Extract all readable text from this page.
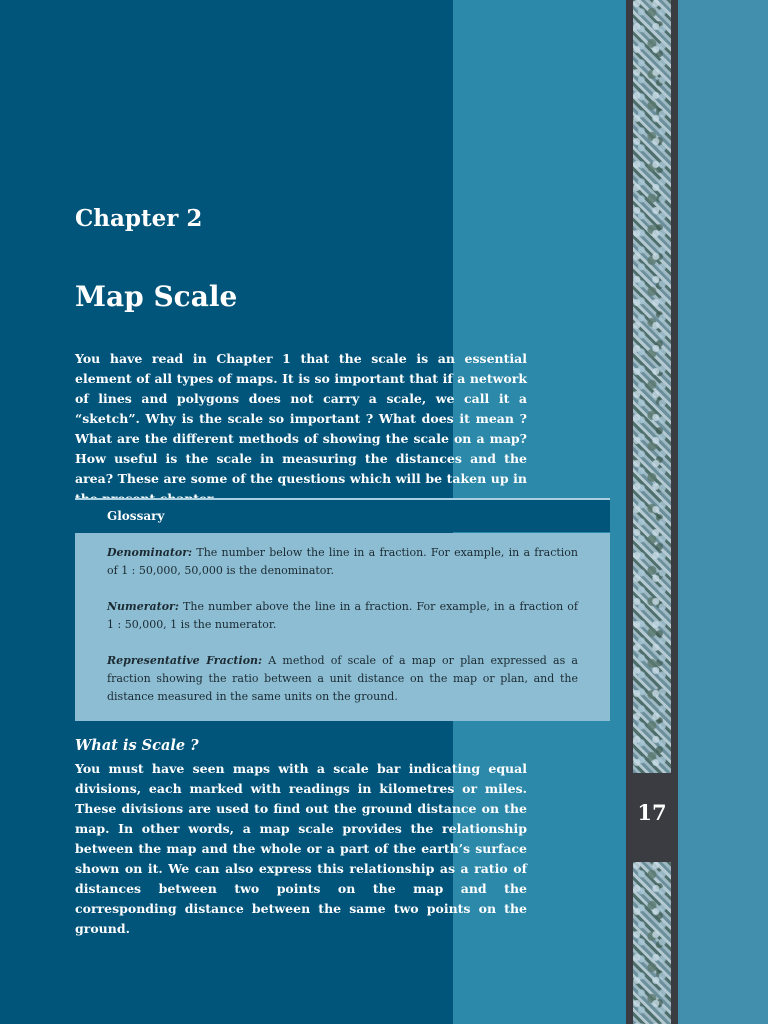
17
Chapter 2
Map Scale

You have read in Chapter 1 that the scale is an essential element of all types of maps. It is so important that if a network of lines and polygons does not carry a scale, we call it a “sketch”. Why is the scale so important ? What does it mean ? What are the different methods of showing the scale on a map? How useful is the scale in measuring the distances and the area? These are some of the questions which will be taken up in

Glossary

Denominator: The number below the line in a fraction. For example, in a fraction of 1 : 50,000, 50,000 is the denominator.

Numerator: The number above the line in a fraction. For example, in a fraction of 1 : 50,000, 1 is the numerator.

Representative Fraction: A method of scale of a map or plan expressed as a fraction showing the ratio between a unit distance on the map or plan, and the distance measured in the same units on the ground.

What is Scale ?

You must have seen maps with a scale bar indicating equal divisions, each marked with readings in kilometres or miles. These divisions are used to find out the ground distance on the map. In other words, a map scale provides the relationship between the map and the whole or a part of the earth’s surface shown on it. We can also express this relationship as a ratio of distances between two points on the map and the corresponding distance between the same two points on the ground.
